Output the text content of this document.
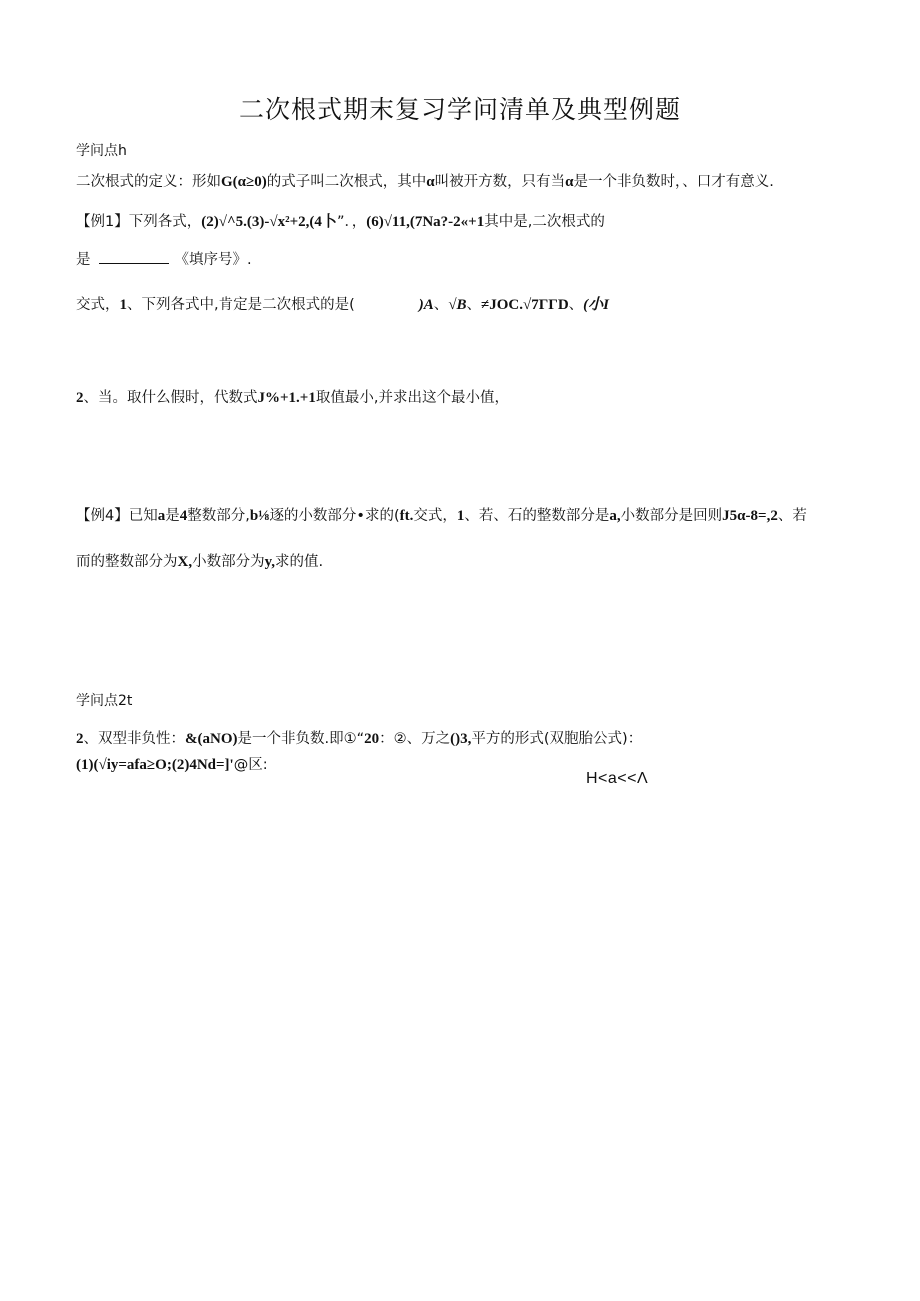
二次根式期末复习学问清单及典型例题

学问点h

二次根式的定义：形如G(α≥0)的式子叫二次根式，其中α叫被开方数，只有当α是一个非负数时，、口才有意义.

【例1】下列各式，(2)√^5.(3)-√x²+2,(4卜”．，(6)√11,(7Na?-2«+1其中是,二次根式的

是	《填序号》.

交式，1、下列各式中,肯定是二次根式的是(	)A、√B、≠JOC.√7ΓΓD、(小I

2、当。取什么假时，代数式J%+1.+1取值最小,并求出这个最小值，

【例4】已知a是4整数部分,b⅛逐的小数部分•求的(ft.交式，1、若、石的整数部分是a,小数部分是回则J5α-8=,2、若

而的整数部分为X,小数部分为y,求的值.

学问点2t

2、双型非负性：&(aNO)是一个非负数.即①“20：②、万之()3,平方的形式(双胞胎公式)：

(1)(√iy=afa≥O;(2)4Nd=]'@区:

H<a<<Λ
